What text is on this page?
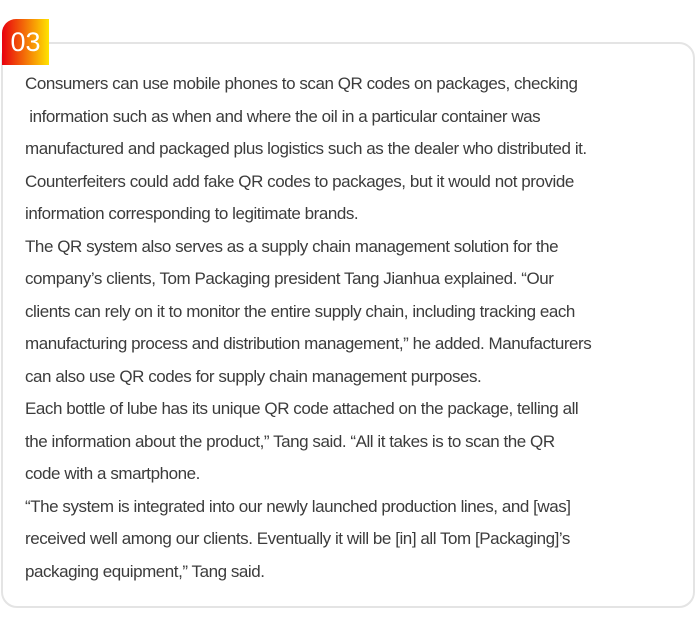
03
Consumers can use mobile phones to scan QR codes on packages, checking
information such as when and where the oil in a particular container was
manufactured and packaged plus logistics such as the dealer who distributed it.
Counterfeiters could add fake QR codes to packages, but it would not provide
information corresponding to legitimate brands.
The QR system also serves as a supply chain management solution for the
company’s clients, Tom Packaging president Tang Jianhua explained. “Our
clients can rely on it to monitor the entire supply chain, including tracking each
manufacturing process and distribution management,” he added. Manufacturers
can also use QR codes for supply chain management purposes.
Each bottle of lube has its unique QR code attached on the package, telling all
the information about the product,” Tang said. “All it takes is to scan the QR
code with a smartphone.
“The system is integrated into our newly launched production lines, and [was]
received well among our clients. Eventually it will be [in] all Tom [Packaging]’s
packaging equipment,” Tang said.
